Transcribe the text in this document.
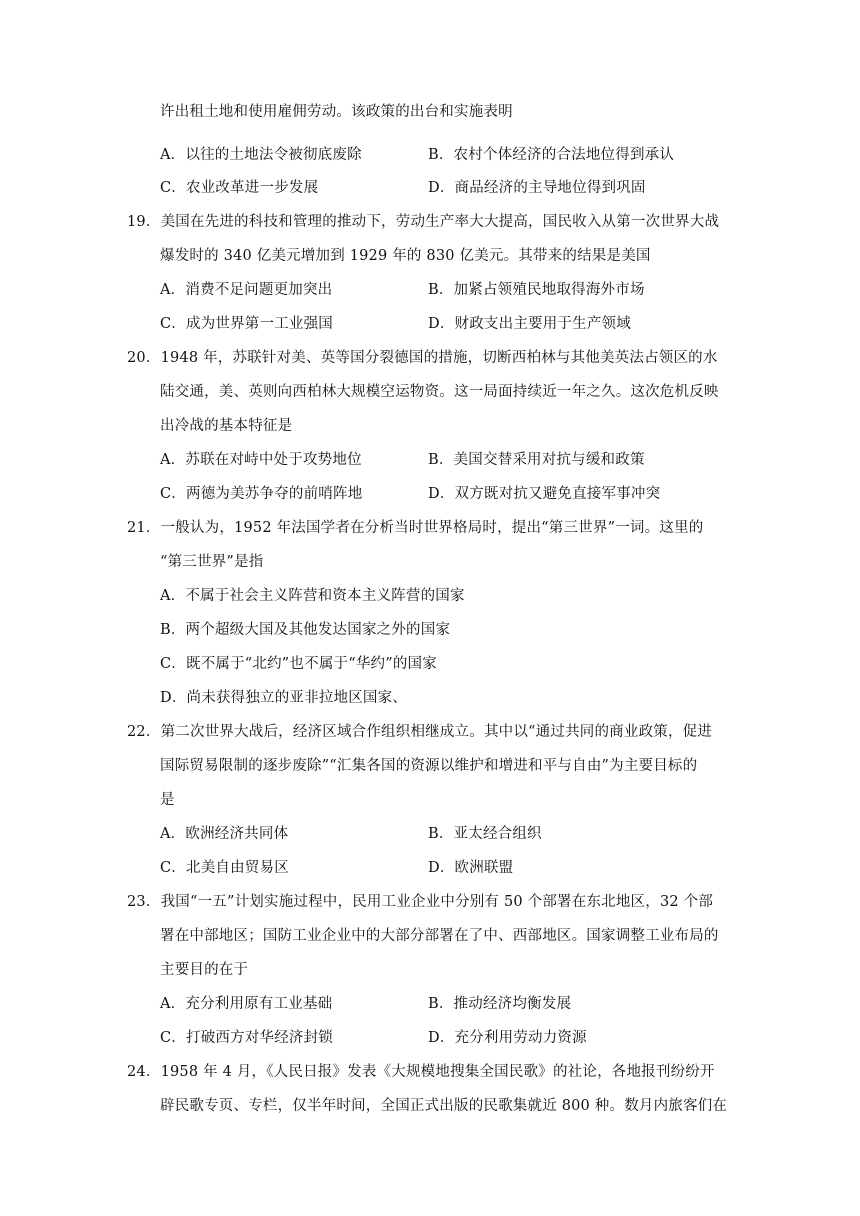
许出租土地和使用雇佣劳动。该政策的出台和实施表明
A．以往的土地法令被彻底废除	B．农村个体经济的合法地位得到承认
C．农业改革进一步发展	D．商品经济的主导地位得到巩固
19．美国在先进的科技和管理的推动下，劳动生产率大大提高，国民收入从第一次世界大战
爆发时的 340 亿美元增加到 1929 年的 830 亿美元。其带来的结果是美国
A．消费不足问题更加突出	B．加紧占领殖民地取得海外市场
C．成为世界第一工业强国	D．财政支出主要用于生产领域
20．1948 年，苏联针对美、英等国分裂德国的措施，切断西柏林与其他美英法占领区的水
陆交通，美、英则向西柏林大规模空运物资。这一局面持续近一年之久。这次危机反映
出冷战的基本特征是
A．苏联在对峙中处于攻势地位	B．美国交替采用对抗与缓和政策
C．两德为美苏争夺的前哨阵地	D．双方既对抗又避免直接军事冲突
21．一般认为，1952 年法国学者在分析当时世界格局时，提出“第三世界”一词。这里的
“第三世界”是指
A．不属于社会主义阵营和资本主义阵营的国家
B．两个超级大国及其他发达国家之外的国家
C．既不属于“北约”也不属于“华约”的国家
D．尚未获得独立的亚非拉地区国家、
22．第二次世界大战后，经济区域合作组织相继成立。其中以“通过共同的商业政策，促进
国际贸易限制的逐步废除”“汇集各国的资源以维护和增进和平与自由”为主要目标的
是
A．欧洲经济共同体	B．亚太经合组织
C．北美自由贸易区	D．欧洲联盟
23．我国“一五”计划实施过程中，民用工业企业中分别有 50 个部署在东北地区，32 个部
署在中部地区；国防工业企业中的大部分部署在了中、西部地区。国家调整工业布局的
主要目的在于
A．充分利用原有工业基础	B．推动经济均衡发展
C．打破西方对华经济封锁	D．充分利用劳动力资源
24．1958 年 4 月，《人民日报》发表《大规模地搜集全国民歌》的社论，各地报刊纷纷开
辟民歌专页、专栏，仅半年时间，全国正式出版的民歌集就近 800 种。数月内旅客们在
